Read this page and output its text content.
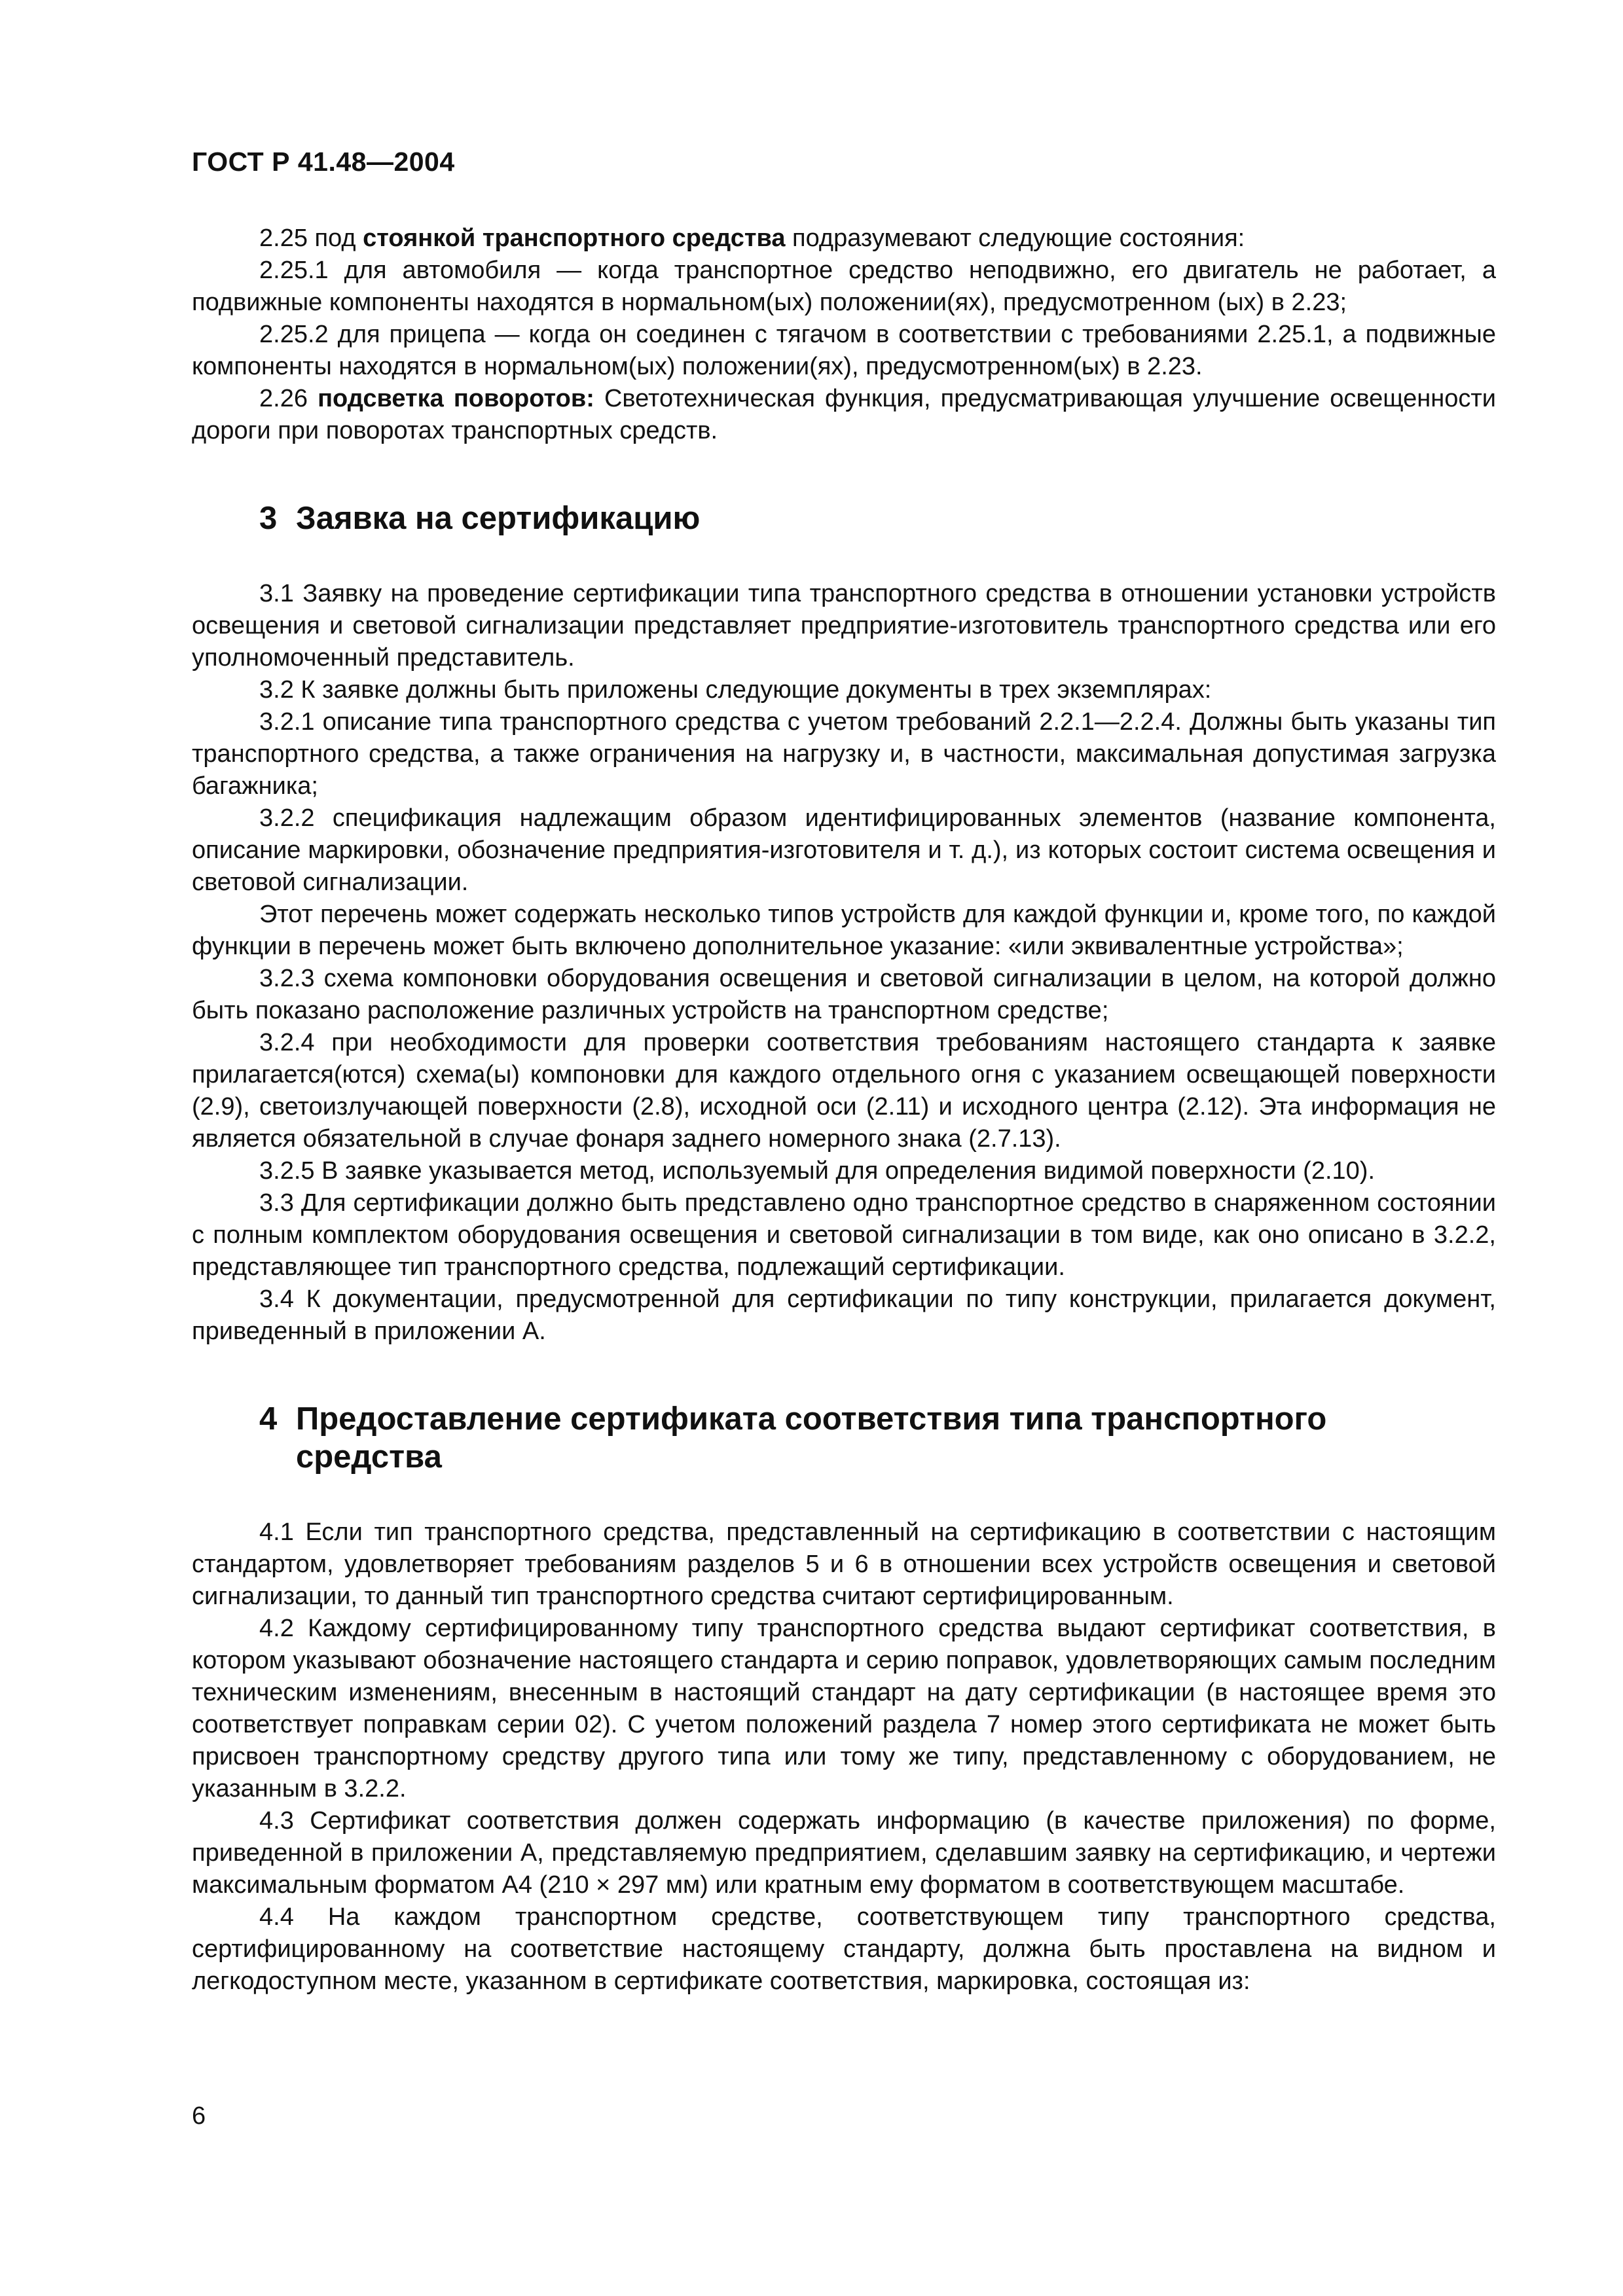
ГОСТ Р 41.48—2004

2.25 под стоянкой транспортного средства подразумевают следующие состояния:

2.25.1 для автомобиля — когда транспортное средство неподвижно, его двигатель не работает, а подвижные компоненты находятся в нормальном(ых) положении(ях), предусмотренном (ых) в 2.23;

2.25.2 для прицепа — когда он соединен с тягачом в соответствии с требованиями 2.25.1, а подвижные компоненты находятся в нормальном(ых) положении(ях), предусмотренном(ых) в 2.23.

2.26 подсветка поворотов: Светотехническая функция, предусматривающая улучшение освещенности дороги при поворотах транспортных средств.

3 Заявка на сертификацию

3.1 Заявку на проведение сертификации типа транспортного средства в отношении установки устройств освещения и световой сигнализации представляет предприятие-изготовитель транспортного средства или его уполномоченный представитель.

3.2 К заявке должны быть приложены следующие документы в трех экземплярах:

3.2.1 описание типа транспортного средства с учетом требований 2.2.1—2.2.4. Должны быть указаны тип транспортного средства, а также ограничения на нагрузку и, в частности, максимальная допустимая загрузка багажника;

3.2.2 спецификация надлежащим образом идентифицированных элементов (название компонента, описание маркировки, обозначение предприятия-изготовителя и т. д.), из которых состоит система освещения и световой сигнализации.

Этот перечень может содержать несколько типов устройств для каждой функции и, кроме того, по каждой функции в перечень может быть включено дополнительное указание: «или эквивалентные устройства»;

3.2.3 схема компоновки оборудования освещения и световой сигнализации в целом, на которой должно быть показано расположение различных устройств на транспортном средстве;

3.2.4 при необходимости для проверки соответствия требованиям настоящего стандарта к заявке прилагается(ются) схема(ы) компоновки для каждого отдельного огня с указанием освещающей поверхности (2.9), светоизлучающей поверхности (2.8), исходной оси (2.11) и исходного центра (2.12). Эта информация не является обязательной в случае фонаря заднего номерного знака (2.7.13).

3.2.5 В заявке указывается метод, используемый для определения видимой поверхности (2.10).

3.3 Для сертификации должно быть представлено одно транспортное средство в снаряженном состоянии с полным комплектом оборудования освещения и световой сигнализации в том виде, как оно описано в 3.2.2, представляющее тип транспортного средства, подлежащий сертификации.

3.4 К документации, предусмотренной для сертификации по типу конструкции, прилагается документ, приведенный в приложении А.

4 Предоставление сертификата соответствия типа транспортного
средства

4.1 Если тип транспортного средства, представленный на сертификацию в соответствии с настоящим стандартом, удовлетворяет требованиям разделов 5 и 6 в отношении всех устройств освещения и световой сигнализации, то данный тип транспортного средства считают сертифицированным.

4.2 Каждому сертифицированному типу транспортного средства выдают сертификат соответствия, в котором указывают обозначение настоящего стандарта и серию поправок, удовлетворяющих самым последним техническим изменениям, внесенным в настоящий стандарт на дату сертификации (в настоящее время это соответствует поправкам серии 02). С учетом положений раздела 7 номер этого сертификата не может быть присвоен транспортному средству другого типа или тому же типу, представленному с оборудованием, не указанным в 3.2.2.

4.3 Сертификат соответствия должен содержать информацию (в качестве приложения) по форме, приведенной в приложении А, представляемую предприятием, сделавшим заявку на сертификацию, и чертежи максимальным форматом А4 (210 × 297 мм) или кратным ему форматом в соответствующем масштабе.

4.4 На каждом транспортном средстве, соответствующем типу транспортного средства, сертифицированному на соответствие настоящему стандарту, должна быть проставлена на видном и легкодоступном месте, указанном в сертификате соответствия, маркировка, состоящая из:

6
